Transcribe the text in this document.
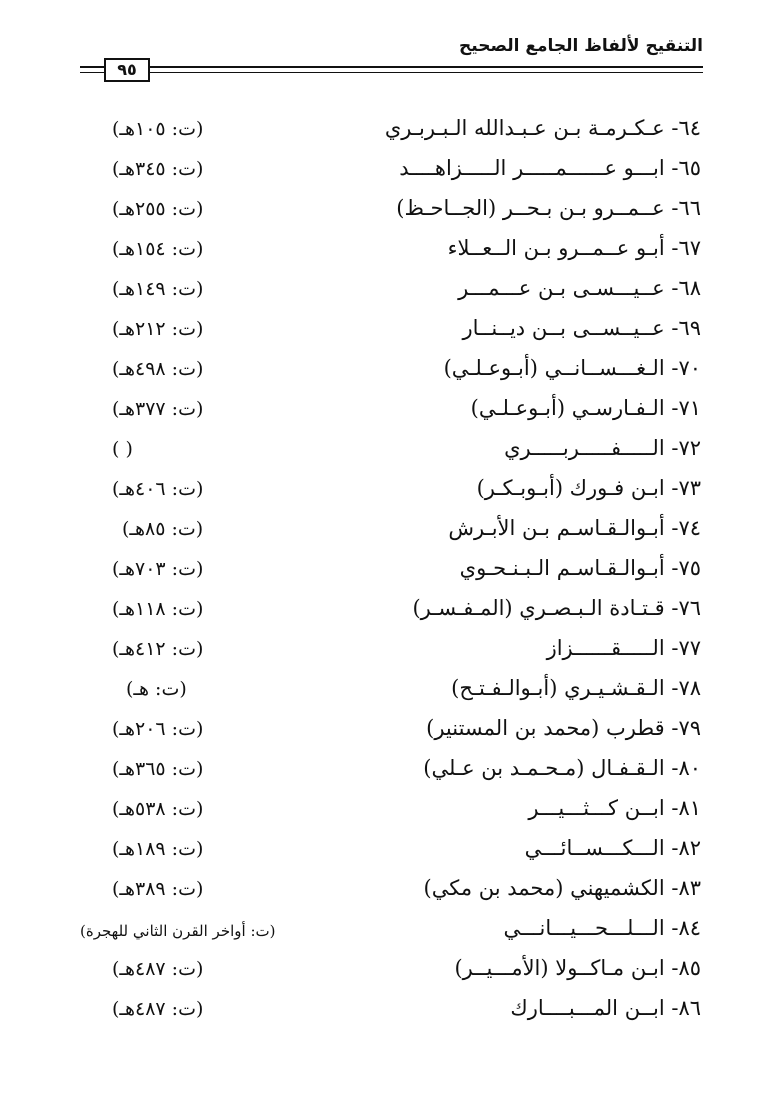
التنقيح لألفاظ الجامع الصحيح
٩٥
٦٤- عـكـرمـة بـن عـبـدالله الـبـربـري
(ت: ١٠٥هـ)
٦٥- ابـــو عــــــمـــــر الـــــزاهــــد
(ت: ٣٤٥هـ)
٦٦- عــمــرو بـن بـحــر (الجــاحـظ)
(ت: ٢٥٥هـ)
٦٧- أبـو عــمــرو بـن الــعــلاء
(ت: ١٥٤هـ)
٦٨- عــيـــسـى بـن عـــمـــر
(ت: ١٤٩هـ)
٦٩- عــيــســى بــن ديــنــار
(ت: ٢١٢هـ)
٧٠- الـغـــســانــي (أبـوعـلـي)
(ت: ٤٩٨هـ)
٧١- الـفـارسـي (أبـوعـلـي)
(ت: ٣٧٧هـ)
٧٢- الـــــفـــــربـــــري
( )
٧٣- ابـن فـورك (أبـوبـكـر)
(ت: ٤٠٦هـ)
٧٤- أبـوالـقـاسـم بـن الأبـرش
(ت: ٨٥هـ)
٧٥- أبـوالـقـاسـم الـبـنـحـوي
(ت: ٧٠٣هـ)
٧٦- قـتـادة الـبـصـري (المـفـسـر)
(ت: ١١٨هـ)
٧٧- الـــــقــــــزاز
(ت: ٤١٢هـ)
٧٨- الـقـشـيـري (أبـوالـفـتـح)
(ت: هـ)
٧٩- قطرب (محمد بن المستنير)
(ت: ٢٠٦هـ)
٨٠- الـقـفـال (مـحـمـد بن عـلي)
(ت: ٣٦٥هـ)
٨١- ابــن كـــثـــيـــر
(ت: ٥٣٨هـ)
٨٢- الـــكـــســائـــي
(ت: ١٨٩هـ)
٨٣- الكشميهني (محمد بن مكي)
(ت: ٣٨٩هـ)
٨٤- الـــلـــحـــيـــانـــي
(ت: أواخر القرن الثاني للهجرة)
٨٥- ابـن مـاكــولا (الأمـــيــر)
(ت: ٤٨٧هـ)
٨٦- ابــن المـــبــــارك
(ت: ٤٨٧هـ)
